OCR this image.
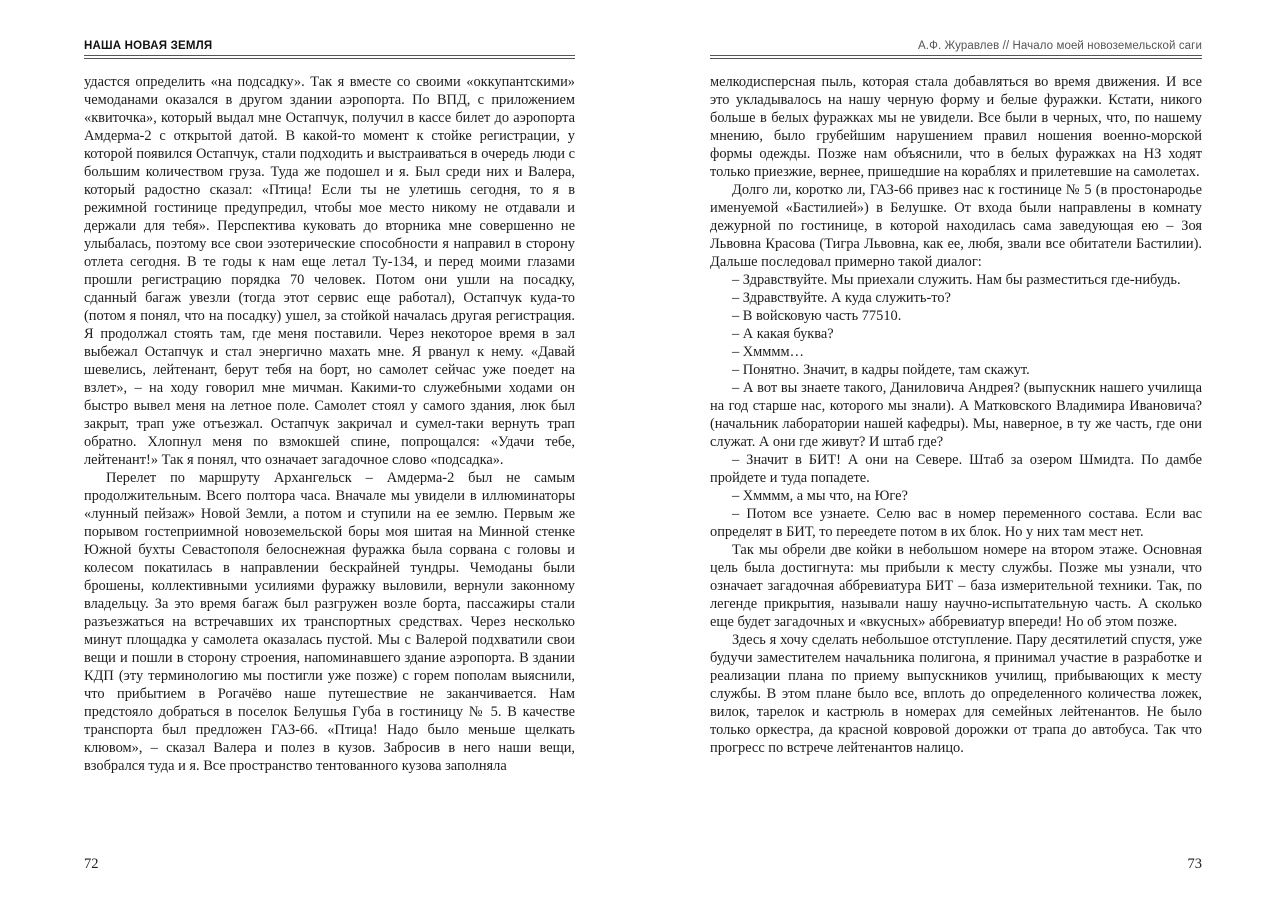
НАША НОВАЯ ЗЕМЛЯ

удастся определить «на подсадку». Так я вместе со своими «оккупантскими» чемоданами оказался в другом здании аэропорта. По ВПД, с приложением «квиточка», который выдал мне Остапчук, получил в кассе билет до аэропорта Амдерма-2 с открытой датой. В какой-то момент к стойке регистрации, у которой появился Остапчук, стали подходить и выстраиваться в очередь люди с большим количеством груза. Туда же подошел и я. Был среди них и Валера, который радостно сказал: «Птица! Если ты не улетишь сегодня, то я в режимной гостинице предупредил, чтобы мое место никому не отдавали и держали для тебя». Перспектива куковать до вторника мне совершенно не улыбалась, поэтому все свои эзотерические способности я направил в сторону отлета сегодня. В те годы к нам еще летал Ту-134, и перед моими глазами прошли регистрацию порядка 70 человек. Потом они ушли на посадку, сданный багаж увезли (тогда этот сервис еще работал), Остапчук куда-то (потом я понял, что на посадку) ушел, за стойкой началась другая регистрация. Я продолжал стоять там, где меня поставили. Через некоторое время в зал выбежал Остапчук и стал энергично махать мне. Я рванул к нему. «Давай шевелись, лейтенант, берут тебя на борт, но самолет сейчас уже поедет на взлет», – на ходу говорил мне мичман. Какими-то служебными ходами он быстро вывел меня на летное поле. Самолет стоял у самого здания, люк был закрыт, трап уже отъезжал. Остапчук закричал и сумел-таки вернуть трап обратно. Хлопнул меня по взмокшей спине, попрощался: «Удачи тебе, лейтенант!» Так я понял, что означает загадочное слово «подсадка».

Перелет по маршруту Архангельск – Амдерма-2 был не самым продолжительным. Всего полтора часа. Вначале мы увидели в иллюминаторы «лунный пейзаж» Новой Земли, а потом и ступили на ее землю. Первым же порывом гостеприимной новоземельской боры моя шитая на Минной стенке Южной бухты Севастополя белоснежная фуражка была сорвана с головы и колесом покатилась в направлении бескрайней тундры. Чемоданы были брошены, коллективными усилиями фуражку выловили, вернули законному владельцу. За это время багаж был разгружен возле борта, пассажиры стали разъезжаться на встречавших их транспортных средствах. Через несколько минут площадка у самолета оказалась пустой. Мы с Валерой подхватили свои вещи и пошли в сторону строения, напоминавшего здание аэропорта. В здании КДП (эту терминологию мы постигли уже позже) с горем пополам выяснили, что прибытием в Рогачёво наше путешествие не заканчивается. Нам предстояло добраться в поселок Белушья Губа в гостиницу № 5. В качестве транспорта был предложен ГАЗ-66. «Птица! Надо было меньше щелкать клювом», – сказал Валера и полез в кузов. Забросив в него наши вещи, взобрался туда и я. Все пространство тентованного кузова заполняла

72
А.Ф. Журавлев // Начало моей новоземельской саги

мелкодисперсная пыль, которая стала добавляться во время движения. И все это укладывалось на нашу черную форму и белые фуражки. Кстати, никого больше в белых фуражках мы не увидели. Все были в черных, что, по нашему мнению, было грубейшим нарушением правил ношения военно-морской формы одежды. Позже нам объяснили, что в белых фуражках на НЗ ходят только приезжие, вернее, пришедшие на кораблях и прилетевшие на самолетах.

Долго ли, коротко ли, ГАЗ-66 привез нас к гостинице № 5 (в простонародье именуемой «Бастилией») в Белушке. От входа были направлены в комнату дежурной по гостинице, в которой находилась сама заведующая ею – Зоя Львовна Красова (Тигра Львовна, как ее, любя, звали все обитатели Бастилии). Дальше последовал примерно такой диалог:

– Здравствуйте. Мы приехали служить. Нам бы разместиться где-нибудь.

– Здравствуйте. А куда служить-то?

– В войсковую часть 77510.

– А какая буква?

– Хмммм…

– Понятно. Значит, в кадры пойдете, там скажут.

– А вот вы знаете такого, Даниловича Андрея? (выпускник нашего училища на год старше нас, которого мы знали). А Матковского Владимира Ивановича? (начальник лаборатории нашей кафедры). Мы, наверное, в ту же часть, где они служат. А они где живут? И штаб где?

– Значит в БИТ! А они на Севере. Штаб за озером Шмидта. По дамбе пройдете и туда попадете.

– Хмммм, а мы что, на Юге?

– Потом все узнаете. Селю вас в номер переменного состава. Если вас определят в БИТ, то переедете потом в их блок. Но у них там мест нет.

Так мы обрели две койки в небольшом номере на втором этаже. Основная цель была достигнута: мы прибыли к месту службы. Позже мы узнали, что означает загадочная аббревиатура БИТ – база измерительной техники. Так, по легенде прикрытия, называли нашу научно-испытательную часть. А сколько еще будет загадочных и «вкусных» аббревиатур впереди! Но об этом позже.

Здесь я хочу сделать небольшое отступление. Пару десятилетий спустя, уже будучи заместителем начальника полигона, я принимал участие в разработке и реализации плана по приему выпускников училищ, прибывающих к месту службы. В этом плане было все, вплоть до определенного количества ложек, вилок, тарелок и кастрюль в номерах для семейных лейтенантов. Не было только оркестра, да красной ковровой дорожки от трапа до автобуса. Так что прогресс по встрече лейтенантов налицо.

73
